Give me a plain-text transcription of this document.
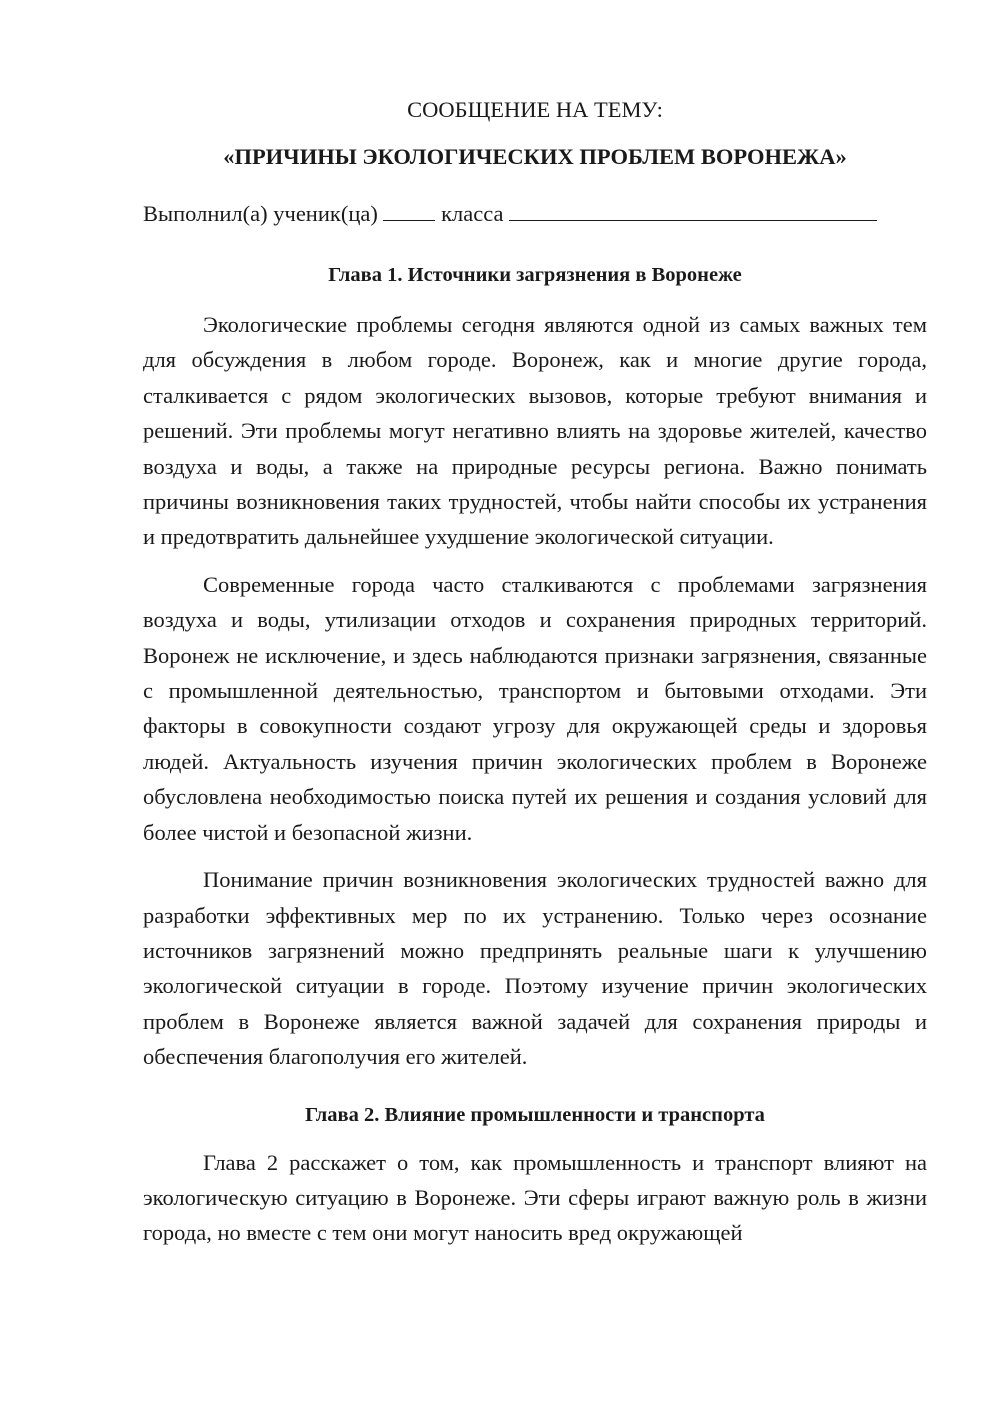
СООБЩЕНИЕ НА ТЕМУ:
«ПРИЧИНЫ ЭКОЛОГИЧЕСКИХ ПРОБЛЕМ ВОРОНЕЖА»
Выполнил(а) ученик(ца)	класса
Глава 1. Источники загрязнения в Воронеже

Экологические проблемы сегодня являются одной из самых важных тем для обсуждения в любом городе. Воронеж, как и многие другие города, сталкивается с рядом экологических вызовов, которые требуют внимания и решений. Эти проблемы могут негативно влиять на здоровье жителей, качество воздуха и воды, а также на природные ресурсы региона. Важно понимать причины возникновения таких трудностей, чтобы найти способы их устранения и предотвратить дальнейшее ухудшение экологической ситуации.

Современные города часто сталкиваются с проблемами загрязнения воздуха и воды, утилизации отходов и сохранения природных территорий. Воронеж не исключение, и здесь наблюдаются признаки загрязнения, связанные с промышленной деятельностью, транспортом и бытовыми отходами. Эти факторы в совокупности создают угрозу для окружающей среды и здоровья людей. Актуальность изучения причин экологических проблем в Воронеже обусловлена необходимостью поиска путей их решения и создания условий для более чистой и безопасной жизни.

Понимание причин возникновения экологических трудностей важно для разработки эффективных мер по их устранению. Только через осознание источников загрязнений можно предпринять реальные шаги к улучшению экологической ситуации в городе. Поэтому изучение причин экологических проблем в Воронеже является важной задачей для сохранения природы и обеспечения благополучия его жителей.

Глава 2. Влияние промышленности и транспорта

Глава 2 расскажет о том, как промышленность и транспорт влияют на экологическую ситуацию в Воронеже. Эти сферы играют важную роль в жизни города, но вместе с тем они могут наносить вред окружающей
